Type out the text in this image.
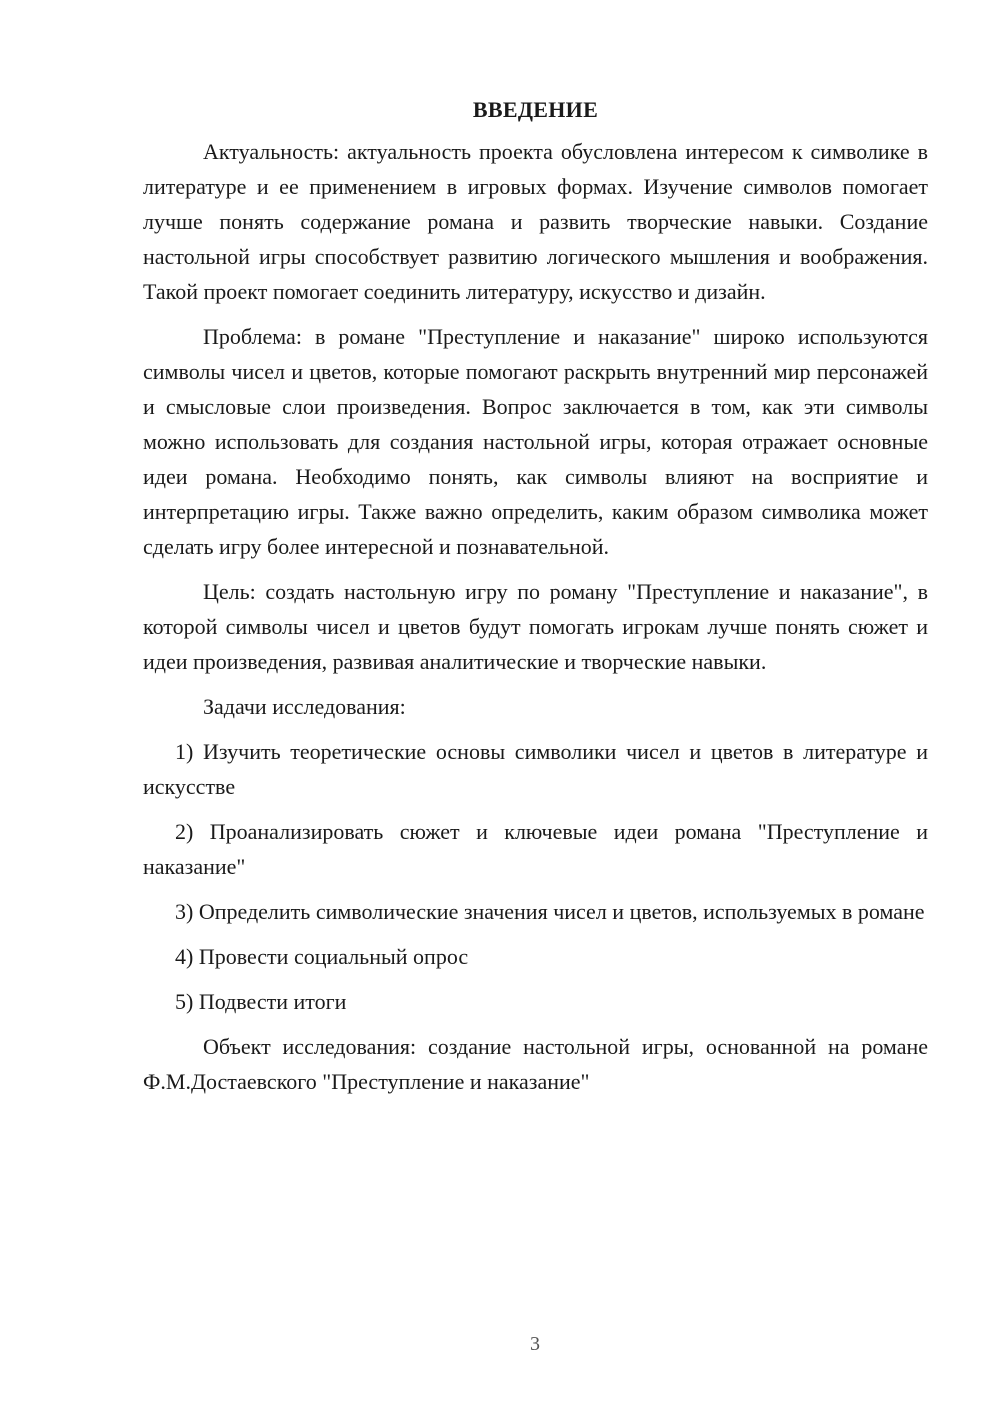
ВВЕДЕНИЕ

Актуальность: актуальность проекта обусловлена интересом к символике в литературе и ее применением в игровых формах. Изучение символов помогает лучше понять содержание романа и развить творческие навыки. Создание настольной игры способствует развитию логического мышления и воображения. Такой проект помогает соединить литературу, искусство и дизайн.

Проблема: в романе "Преступление и наказание" широко используются символы чисел и цветов, которые помогают раскрыть внутренний мир персонажей и смысловые слои произведения. Вопрос заключается в том, как эти символы можно использовать для создания настольной игры, которая отражает основные идеи романа. Необходимо понять, как символы влияют на восприятие и интерпретацию игры. Также важно определить, каким образом символика может сделать игру более интересной и познавательной.

Цель: создать настольную игру по роману "Преступление и наказание", в которой символы чисел и цветов будут помогать игрокам лучше понять сюжет и идеи произведения, развивая аналитические и творческие навыки.

Задачи исследования:

1) Изучить теоретические основы символики чисел и цветов в литературе и искусстве

2) Проанализировать сюжет и ключевые идеи романа "Преступление и наказание"

3) Определить символические значения чисел и цветов, используемых в романе

4) Провести социальный опрос

5) Подвести итоги

Объект исследования: создание настольной игры, основанной на романе Ф.М.Достаевского "Преступление и наказание"

3
